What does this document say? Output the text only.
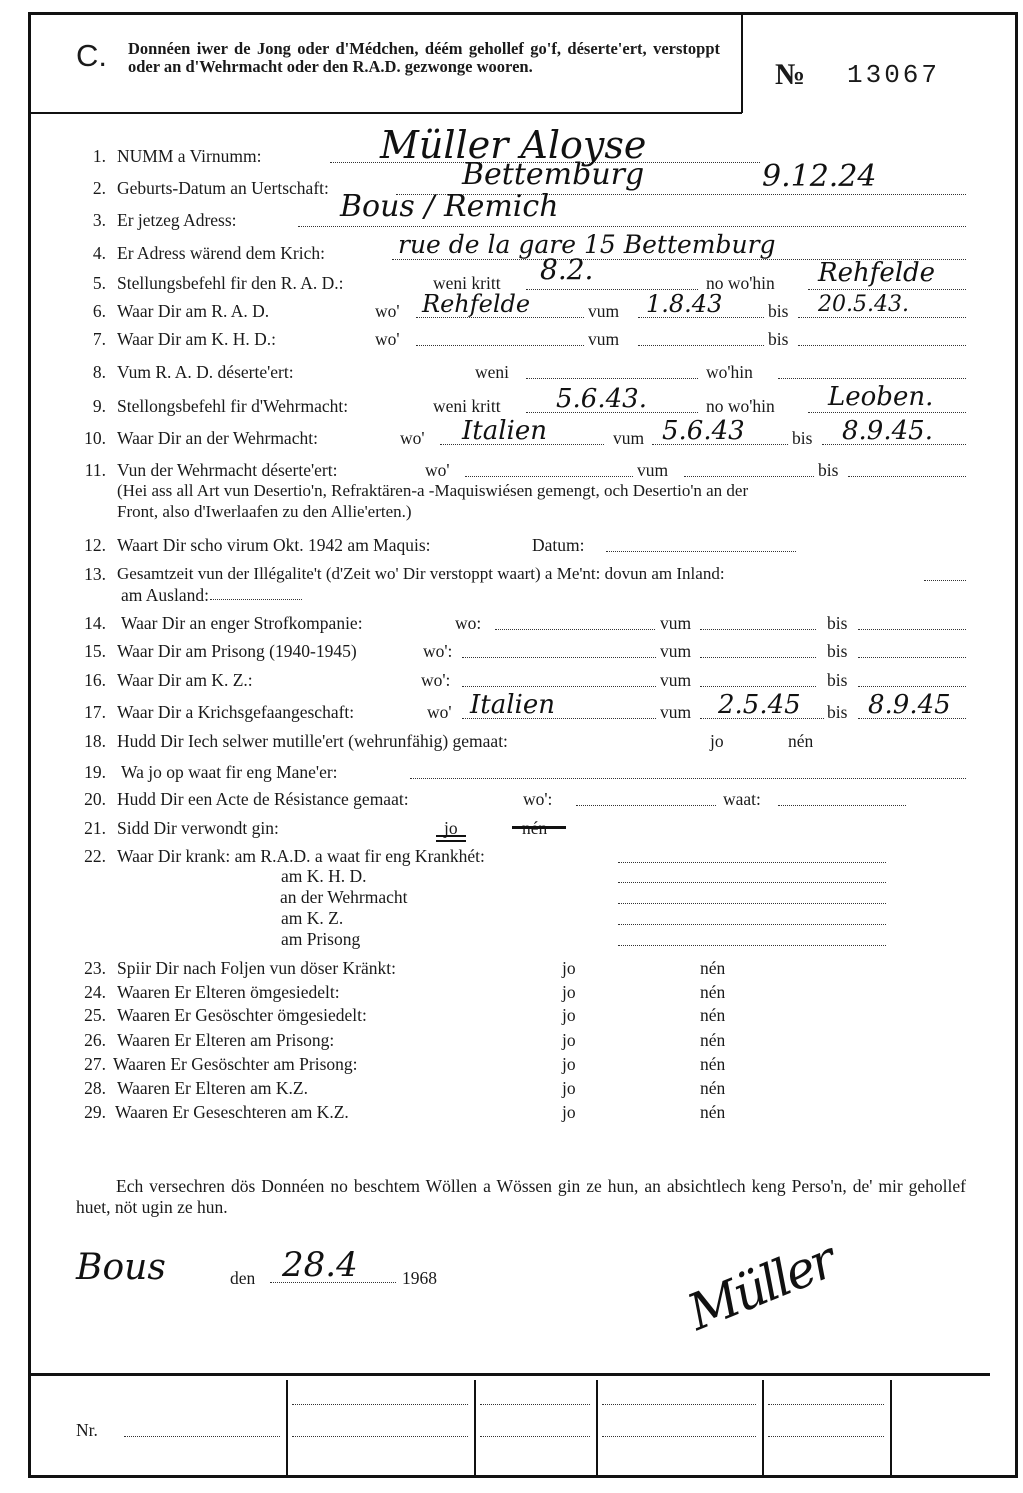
C. Donnéen iwer de Jong oder d'Médchen, déém gehollef go'f, déserte'ert, verstoppt oder an d'Wehrmacht oder den R.A.D. gezwonge wooren.	№ 13067
1. NUMM a Virnumm:	Müller Aloyse
2. Geburts-Datum an Uertschaft:	Bettemburg	9.12.24
3. Er jetzeg Adress:	Bous / Remich
4. Er Adress wärend dem Krich:	rue de la gare 15 Bettemburg
5. Stellungsbefehl fir den R. A. D.:	weni kritt 8.2.	no wo'hin Rehfelde
6. Waar Dir am R. A. D.	wo' Rehfelde	vum 1.8.43	bis 20.5.43.
7. Waar Dir am K. H. D.:	wo'	vum	bis
8. Vum R. A. D. déserte'ert:	weni	wo'hin
9. Stellongsbefehl fir d'Wehrmacht:	weni kritt 5.6.43.	no wo'hin Leoben.
10. Waar Dir an der Wehrmacht:	wo' Italien	vum 5.6.43	bis 8.9.45.
11. Vun der Wehrmacht déserte'ert:	wo'	vum	bis
(Hei ass all Art vun Desertio'n, Refraktären-a -Maquiswiésen gemengt, och Desertio'n an der
Front, also d'Iwerlaafen zu den Allie'erten.)
12. Waart Dir scho virum Okt. 1942 am Maquis:	Datum:
13. Gesamtzeit vun der Illégalite't (d'Zeit wo' Dir verstoppt waart) a Me'nt: dovun am Inland:
am Ausland:
14. Waar Dir an enger Strofkompanie:	wo:	vum	bis
15. Waar Dir am Prisong (1940-1945)	wo':	vum	bis
16. Waar Dir am K. Z.:	wo':	vum	bis
17. Waar Dir a Krichsgefaangeschaft:	wo' Italien	vum 2.5.45 bis 8.9.45
18. Hudd Dir Iech selwer mutille'ert (wehrunfähig) gemaat:	jo	nén
19. Wa jo op waat fir eng Mane'er:
20. Hudd Dir een Acte de Résistance gemaat:	wo':	waat:
21. Sidd Dir verwondt gin:	jo	nén
22. Waar Dir krank: am R.A.D. a waat fir eng Krankhét:
am K. H. D.
an der Wehrmacht
am K. Z.
am Prisong
23. Spiir Dir nach Foljen vun döser Kränkt:	jo	nén
24. Waaren Er Elteren ömgesiedelt:	jo	nén
25. Waaren Er Gesöschter ömgesiedelt:	jo	nén
26. Waaren Er Elteren am Prisong:	jo	nén
27. Waaren Er Gesöschter am Prisong:	jo	nén
28. Waaren Er Elteren am K.Z.	jo	nén
29. Waaren Er Geseschteren am K.Z.	jo	nén
Ech versechren dös Donnéen no beschtem Wöllen a Wössen gin ze hun, an absichtlech keng Perso'n, de' mir gehollef huet, nöt ugin ze hun.
Bous	den 28.4	1968	Müller
Nr.
